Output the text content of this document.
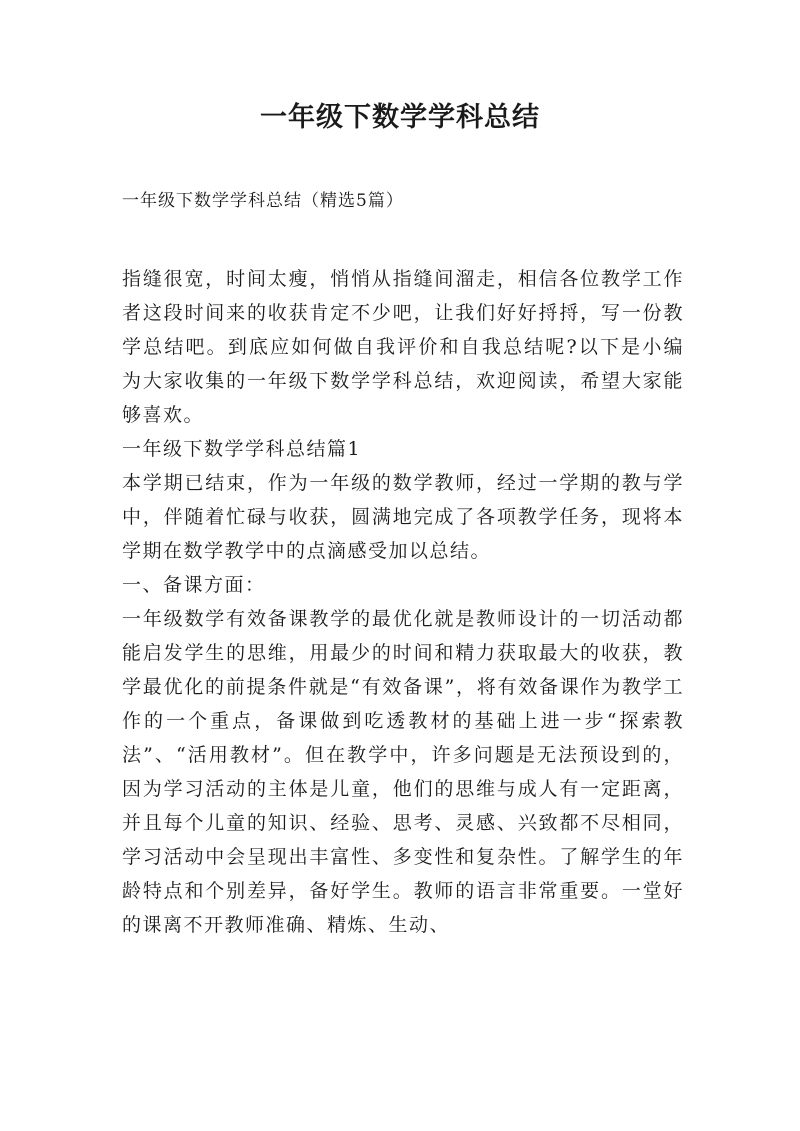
一年级下数学学科总结
一年级下数学学科总结（精选5篇）

指缝很宽，时间太瘦，悄悄从指缝间溜走，相信各位教学工作者这段时间来的收获肯定不少吧，让我们好好捋捋，写一份教学总结吧。到底应如何做自我评价和自我总结呢?以下是小编为大家收集的一年级下数学学科总结，欢迎阅读，希望大家能够喜欢。

一年级下数学学科总结篇1

本学期已结束，作为一年级的数学教师，经过一学期的教与学中，伴随着忙碌与收获，圆满地完成了各项教学任务，现将本学期在数学教学中的点滴感受加以总结。

一、备课方面：

一年级数学有效备课教学的最优化就是教师设计的一切活动都能启发学生的思维，用最少的时间和精力获取最大的收获，教学最优化的前提条件就是“有效备课”，将有效备课作为教学工作的一个重点，备课做到吃透教材的基础上进一步“探索教法”、“活用教材”。但在教学中，许多问题是无法预设到的，因为学习活动的主体是儿童，他们的思维与成人有一定距离，并且每个儿童的知识、经验、思考、灵感、兴致都不尽相同，学习活动中会呈现出丰富性、多变性和复杂性。了解学生的年龄特点和个别差异，备好学生。教师的语言非常重要。一堂好的课离不开教师准确、精炼、生动、
